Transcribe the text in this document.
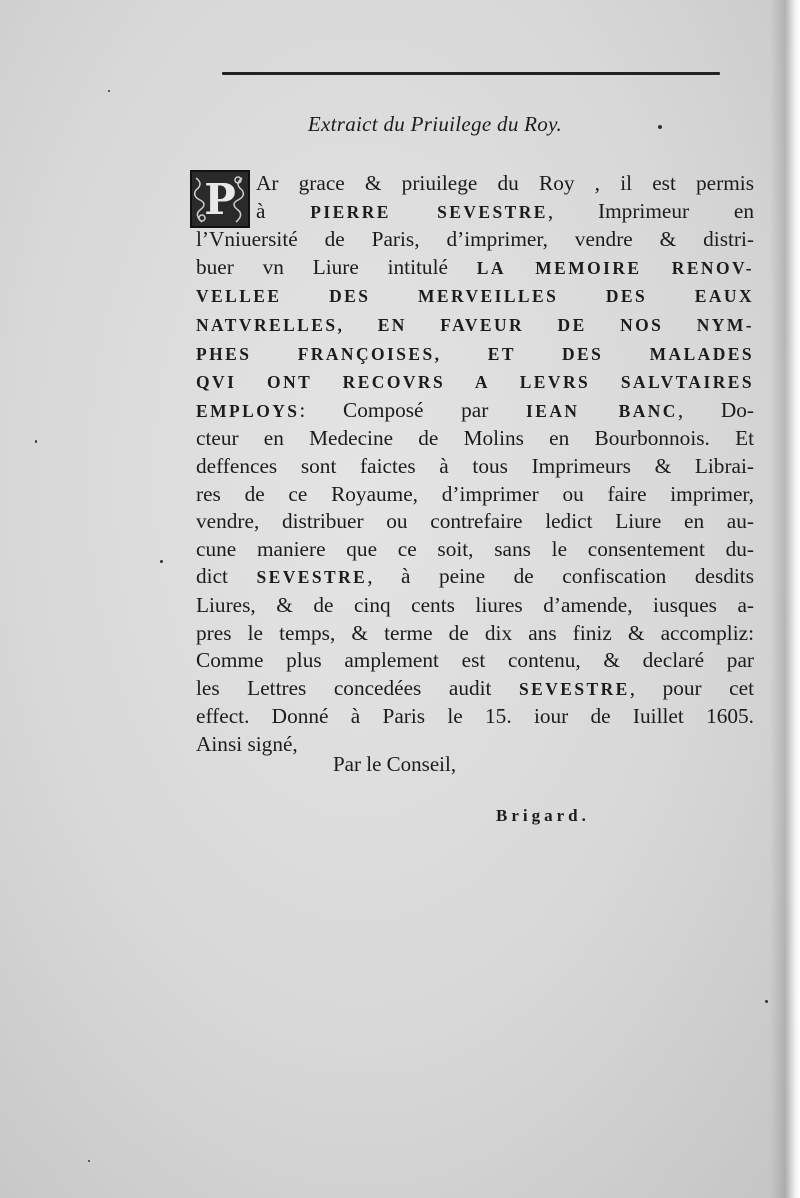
Extraict du Priuilege du Roy.
P Ar grace & priuilege du Roy , il est permis
à PIERRE SEVESTRE, Imprimeur en
l’Vniuersité de Paris, d’imprimer, vendre & distri-
buer vn Liure intitulé LA MEMOIRE RENOV-
VELLEE DES MERVEILLES DES EAUX
NATVRELLES, EN FAVEUR DE NOS NYM-
PHES FRANÇOISES, ET DES MALADES
QVI ONT RECOVRS A LEVRS SALVTAIRES
EMPLOYS: Composé par IEAN BANC, Do-
cteur en Medecine de Molins en Bourbonnois. Et
deffences sont faictes à tous Imprimeurs & Librai-
res de ce Royaume, d’imprimer ou faire imprimer,
vendre, distribuer ou contrefaire ledict Liure en au-
cune maniere que ce soit, sans le consentement du-
dict SEVESTRE, à peine de confiscation desdits
Liures, & de cinq cents liures d’amende, iusques a-
pres le temps, & terme de dix ans finiz & accompliz:
Comme plus amplement est contenu, & declaré par
les Lettres concedées audit SEVESTRE, pour cet
effect. Donné à Paris le 15. iour de Iuillet 1605.
Ainsi signé,
Par le Conseil,
Brigard.
